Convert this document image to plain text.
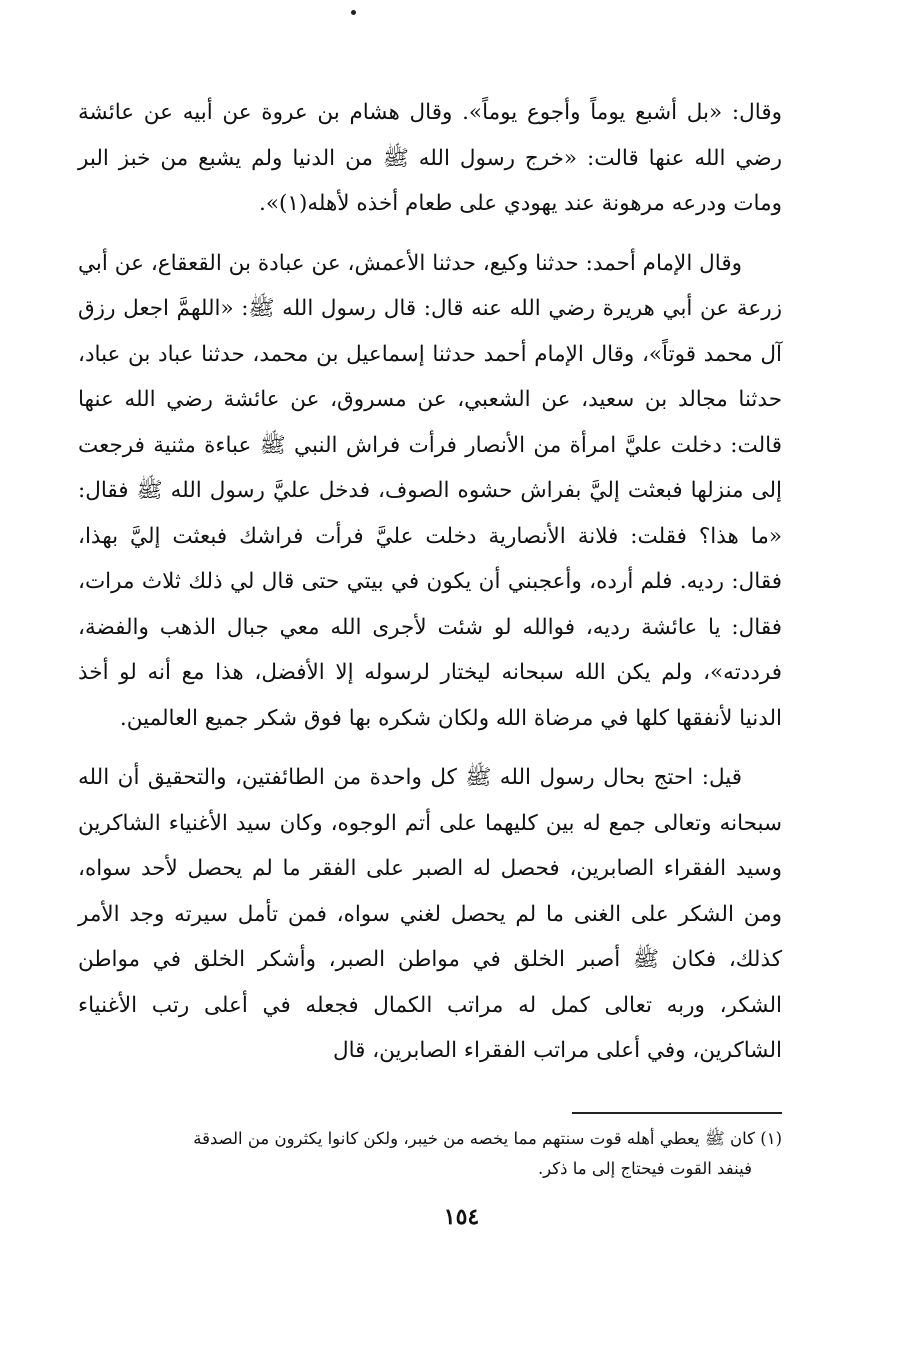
وقال: «بل أشبع يوماً وأجوع يوماً». وقال هشام بن عروة عن أبيه عن عائشة رضي الله عنها قالت: «خرج رسول الله ﷺ من الدنيا ولم يشبع من خبز البر ومات ودرعه مرهونة عند يهودي على طعام أخذه لأهله(١)».

وقال الإمام أحمد: حدثنا وكيع، حدثنا الأعمش، عن عبادة بن القعقاع، عن أبي زرعة عن أبي هريرة رضي الله عنه قال: قال رسول الله ﷺ: «اللهمَّ اجعل رزق آل محمد قوتاً»، وقال الإمام أحمد حدثنا إسماعيل بن محمد، حدثنا عباد بن عباد، حدثنا مجالد بن سعيد، عن الشعبي، عن مسروق، عن عائشة رضي الله عنها قالت: دخلت عليَّ امرأة من الأنصار فرأت فراش النبي ﷺ عباءة مثنية فرجعت إلى منزلها فبعثت إليَّ بفراش حشوه الصوف، فدخل عليَّ رسول الله ﷺ فقال: «ما هذا؟ فقلت: فلانة الأنصارية دخلت عليَّ فرأت فراشك فبعثت إليَّ بهذا، فقال: رديه. فلم أرده، وأعجبني أن يكون في بيتي حتى قال لي ذلك ثلاث مرات، فقال: يا عائشة رديه، فوالله لو شئت لأجرى الله معي جبال الذهب والفضة، فرددته»، ولم يكن الله سبحانه ليختار لرسوله إلا الأفضل، هذا مع أنه لو أخذ الدنيا لأنفقها كلها في مرضاة الله ولكان شكره بها فوق شكر جميع العالمين.

قيل: احتج بحال رسول الله ﷺ كل واحدة من الطائفتين، والتحقيق أن الله سبحانه وتعالى جمع له بين كليهما على أتم الوجوه، وكان سيد الأغنياء الشاكرين وسيد الفقراء الصابرين، فحصل له الصبر على الفقر ما لم يحصل لأحد سواه، ومن الشكر على الغنى ما لم يحصل لغني سواه، فمن تأمل سيرته وجد الأمر كذلك، فكان ﷺ أصبر الخلق في مواطن الصبر، وأشكر الخلق في مواطن الشكر، وربه تعالى كمل له مراتب الكمال فجعله في أعلى رتب الأغنياء الشاكرين، وفي أعلى مراتب الفقراء الصابرين، قال

(١) كان ﷺ يعطي أهله قوت سنتهم مما يخصه من خيبر، ولكن كانوا يكثرون من الصدقة
فينفد القوت فيحتاج إلى ما ذكر.
١٥٤
